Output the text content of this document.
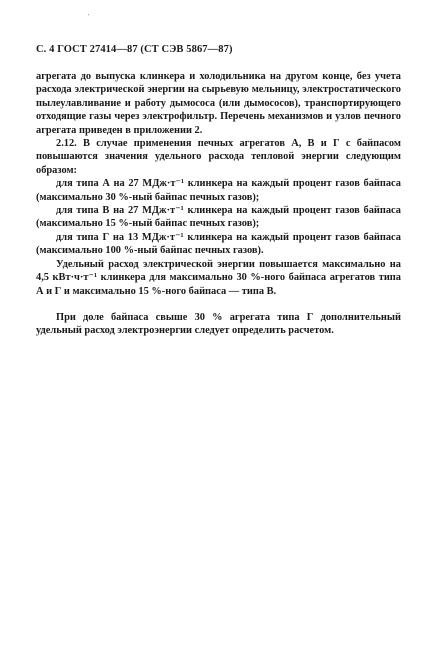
'
С. 4 ГОСТ 27414—87 (СТ СЭВ 5867—87)

агрегата до выпуска клинкера и холодильника на другом конце, без учета расхода электрической энергии на сырьевую мельницу, электростатического пылеулавливание и работу дымососа (или дымососов), транспортирующего отходящие газы через электрофильтр. Перечень механизмов и узлов печного агрегата приведен в приложении 2.

2.12. В случае применения печных агрегатов А, В и Г с байпасом повышаются значения удельного расхода тепловой энергии следующим образом:

для типа А на 27 МДж·т⁻¹ клинкера на каждый процент газов байпаса (максимально 30 %-ный байпас печных газов);

для типа В на 27 МДж·т⁻¹ клинкера на каждый процент газов байпаса (максимально 15 %-ный байпас печных газов);

для типа Г на 13 МДж·т⁻¹ клинкера на каждый процент газов байпаса (максимально 100 %-ный байпас печных газов).

Удельный расход электрической энергии повышается максимально на 4,5 кВт·ч·т⁻¹ клинкера для максимально 30 %-ного байпаса агрегатов типа А и Г и максимально 15 %-ного байпаса — типа В.

При доле байпаса свыше 30 % агрегата типа Г дополнительный удельный расход электроэнергии следует определить расчетом.
